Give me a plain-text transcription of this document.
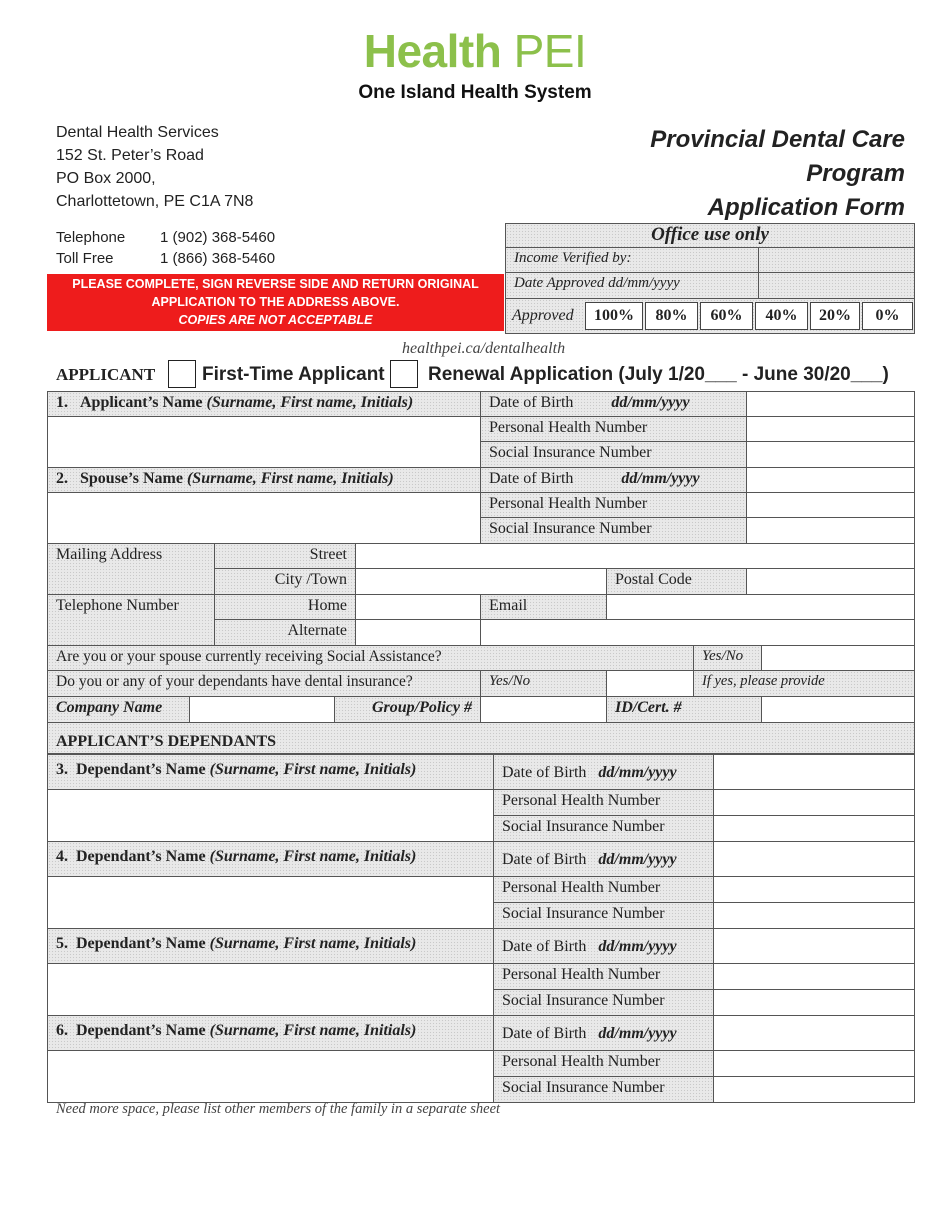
Health PEI
One Island Health System
Dental Health Services
152 St. Peter’s Road
PO Box 2000,
Charlottetown, PE C1A 7N8
Telephone 1 (902) 368-5460
Toll Free	1 (866) 368-5460
Provincial Dental Care
Program
Application Form
PLEASE COMPLETE, SIGN REVERSE SIDE AND RETURN ORIGINAL
APPLICATION TO THE ADDRESS ABOVE.
COPIES ARE NOT ACCEPTABLE
Office use only
Income Verified by:
Date Approved dd/mm/yyyy
Approved	100%	80%	60%	40%	20%	0%
healthpei.ca/dentalhealth
APPLICANT First-Time Applicant Renewal Application (July 1/20___ - June 30/20___)
1. Applicant’s Name (Surname, First name, Initials)	Date of Birth dd/mm/yyyy
Personal Health Number
Social Insurance Number
2. Spouse’s Name (Surname, First name, Initials)	Date of Birth	dd/mm/yyyy
Personal Health Number
Social Insurance Number
Mailing Address	Street
City /Town	Postal Code
Telephone Number	Home	Email
Alternate
Are you or your spouse currently receiving Social Assistance?	Yes/No
Do you or any of your dependants have dental insurance?	Yes/No	If yes, please provide
Company Name	Group/Policy #	ID/Cert. #
APPLICANT’S DEPENDANTS
3. Dependant’s Name (Surname, First name, Initials)	Date of Birth dd/mm/yyyy
Personal Health Number
Social Insurance Number
4. Dependant’s Name (Surname, First name, Initials)	Date of Birth dd/mm/yyyy
Personal Health Number
Social Insurance Number
5. Dependant’s Name (Surname, First name, Initials)	Date of Birth dd/mm/yyyy
Personal Health Number
Social Insurance Number
6. Dependant’s Name (Surname, First name, Initials)	Date of Birth dd/mm/yyyy
Personal Health Number
Social Insurance Number
Need more space, please list other members of the family in a separate sheet
